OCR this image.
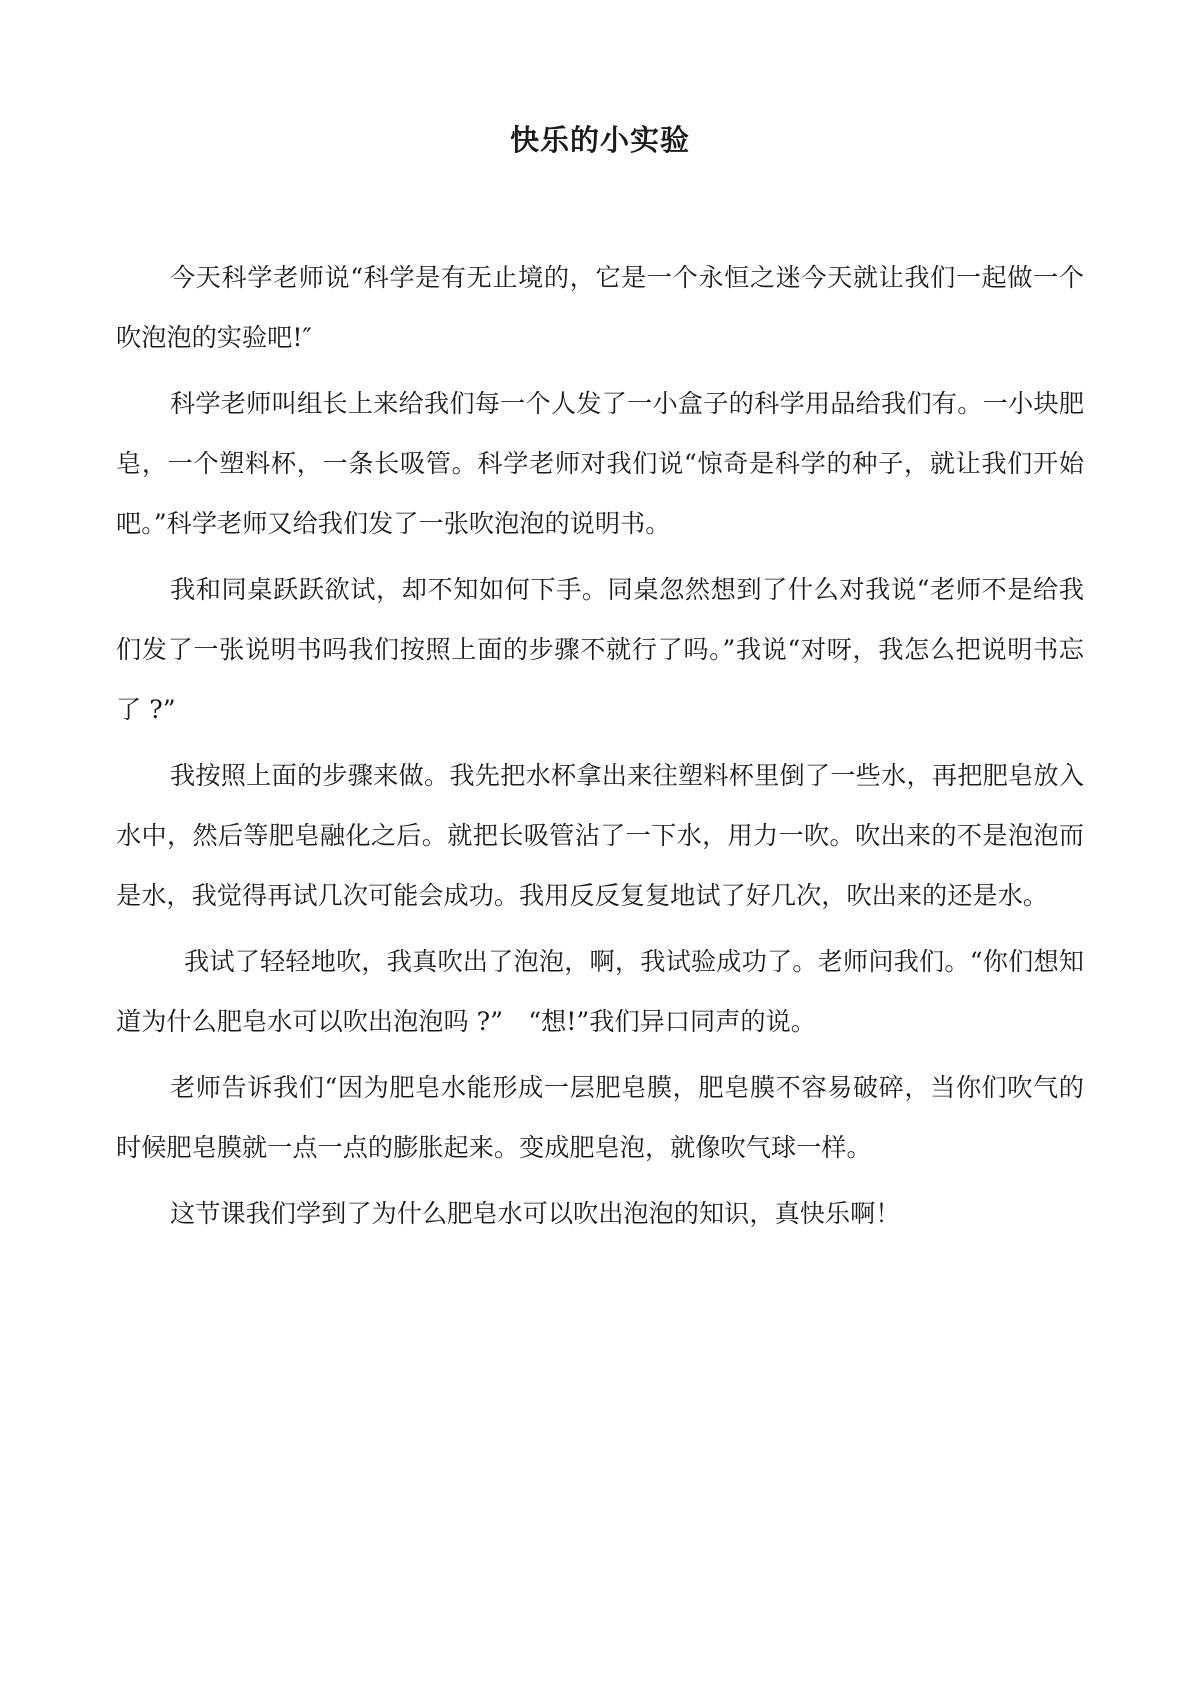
快乐的小实验

今天科学老师说“科学是有无止境的，它是一个永恒之迷今天就让我们一起做一个吹泡泡的实验吧!″

科学老师叫组长上来给我们每一个人发了一小盒子的科学用品给我们有。一小块肥皂，一个塑料杯，一条长吸管。科学老师对我们说“惊奇是科学的种子，就让我们开始吧。”科学老师又给我们发了一张吹泡泡的说明书。

我和同桌跃跃欲试，却不知如何下手。同桌忽然想到了什么对我说“老师不是给我们发了一张说明书吗我们按照上面的步骤不就行了吗。”我说“对呀，我怎么把说明书忘了 ?”

我按照上面的步骤来做。我先把水杯拿出来往塑料杯里倒了一些水，再把肥皂放入水中，然后等肥皂融化之后。就把长吸管沾了一下水，用力一吹。吹出来的不是泡泡而是水，我觉得再试几次可能会成功。我用反反复复地试了好几次，吹出来的还是水。

我试了轻轻地吹，我真吹出了泡泡，啊，我试验成功了。老师问我们。“你们想知道为什么肥皂水可以吹出泡泡吗 ?”　“想!”我们异口同声的说。

老师告诉我们“因为肥皂水能形成一层肥皂膜，肥皂膜不容易破碎，当你们吹气的时候肥皂膜就一点一点的膨胀起来。变成肥皂泡，就像吹气球一样。

这节课我们学到了为什么肥皂水可以吹出泡泡的知识，真快乐啊！
